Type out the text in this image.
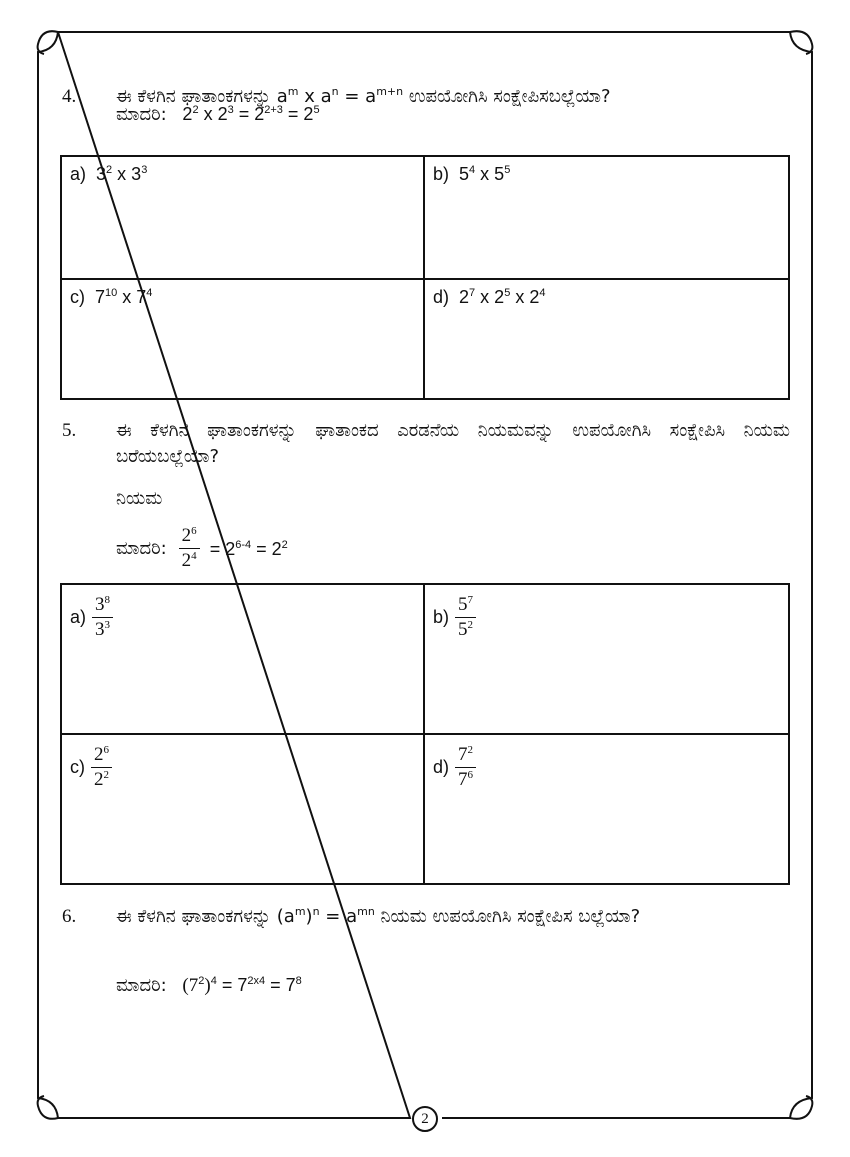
4. ಈ ಕೆಳಗಿನ ಘಾತಾಂಕಗಳನ್ನು $a^m$ x $a^n = a^{m+n}$ ಉಪಯೋಗಿಸಿ ಸಂಕ್ಷೇಪಿಸಬಲ್ಲೆಯಾ?
ಮಾದರಿ: $2^2$ x $2^3 = 2^{2+3} = 2^5$
a) $3^2$ x $3^3$	b) $5^4$ x $5^5$
c) $7^{10}$ x $7^4$	d) $2^7$ x $2^5$ x $2^4$
5. ಈ ಕೆಳಗಿನ ಘಾತಾಂಕಗಳನ್ನು ಘಾತಾಂಕದ ಎರಡನೆಯ ನಿಯಮವನ್ನು ಉಪಯೋಗಿಸಿ ಸಂಕ್ಷೇಪಿಸಿ ನಿಯಮ ಬರೆಯಬಲ್ಲೆಯಾ?
ನಿಯಮ
ಮಾದರಿ: $\frac{2^6}{2^4} = 2^{6-4} = 2^2$
$a) \frac{3^8}{3^3}$	$b) \frac{5^7}{5^2}$
$c) \frac{2^6}{2^2}$	$d) \frac{7^2}{7^6}$
6. ಈ ಕೆಳಗಿನ ಘಾತಾಂಕಗಳನ್ನು $(a^m)^n = a^{mn}$ ನಿಯಮ ಉಪಯೋಗಿಸಿ ಸಂಕ್ಷೇಪಿಸ ಬಲ್ಲೆಯಾ?
ಮಾದರಿ: $(7^2)^4 = 7^{2x4} = 7^8$
2
